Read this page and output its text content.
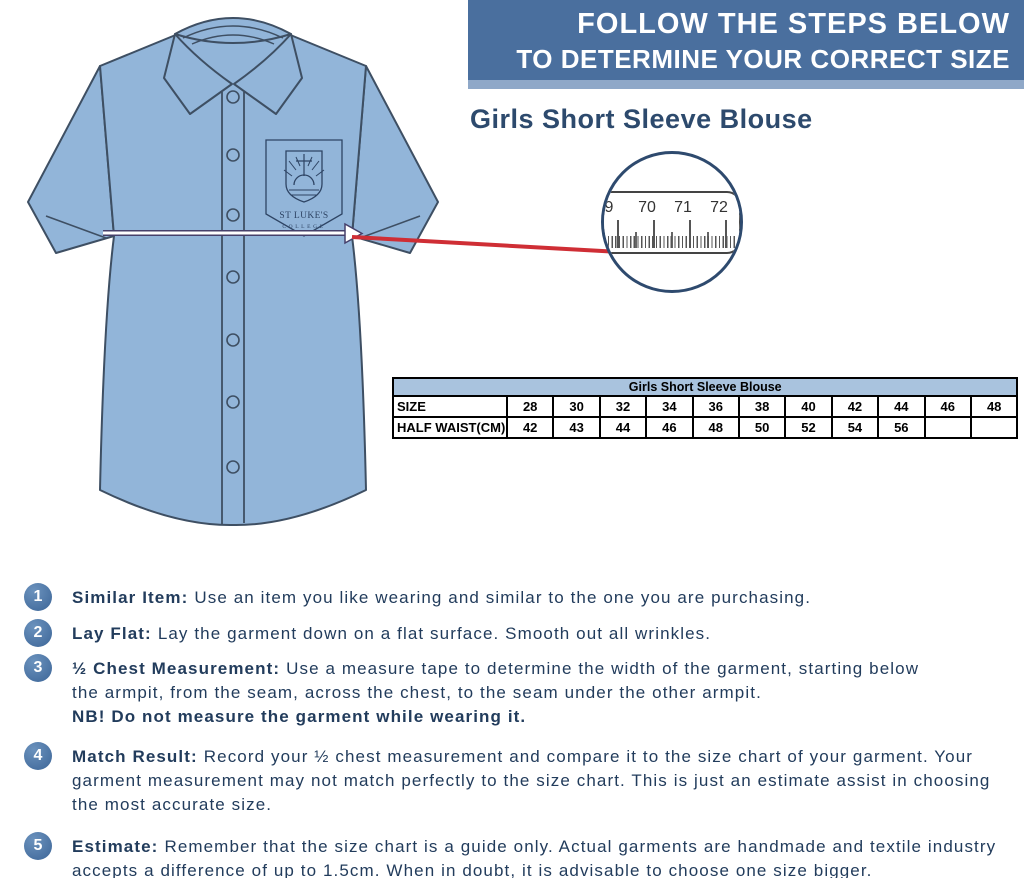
FOLLOW THE STEPS BELOW
TO DETERMINE YOUR CORRECT SIZE
Girls Short Sleeve Blouse
ST LUKE'S
COLLEGE
9 70 71 72
Girls Short Sleeve Blouse											
SIZE	28	30	32	34	36	38	40	42	44	46	48
HALF WAIST(CM)	42	43	44	46	48	50	52	54	56		
1	Similar Item: Use an item you like wearing and similar to the one you are purchasing.
2	Lay Flat: Lay the garment down on a flat surface. Smooth out all wrinkles.
3	½ Chest Measurement: Use a measure tape to determine the width of the garment, starting below the armpit, from the seam, across the chest, to the seam under the other armpit.
NB! Do not measure the garment while wearing it.
4	Match Result: Record your ½ chest measurement and compare it to the size chart of your garment. Your garment measurement may not match perfectly to the size chart. This is just an estimate assist in choosing the most accurate size.
5	Estimate: Remember that the size chart is a guide only. Actual garments are handmade and textile industry accepts a difference of up to 1.5cm. When in doubt, it is advisable to choose one size bigger.
